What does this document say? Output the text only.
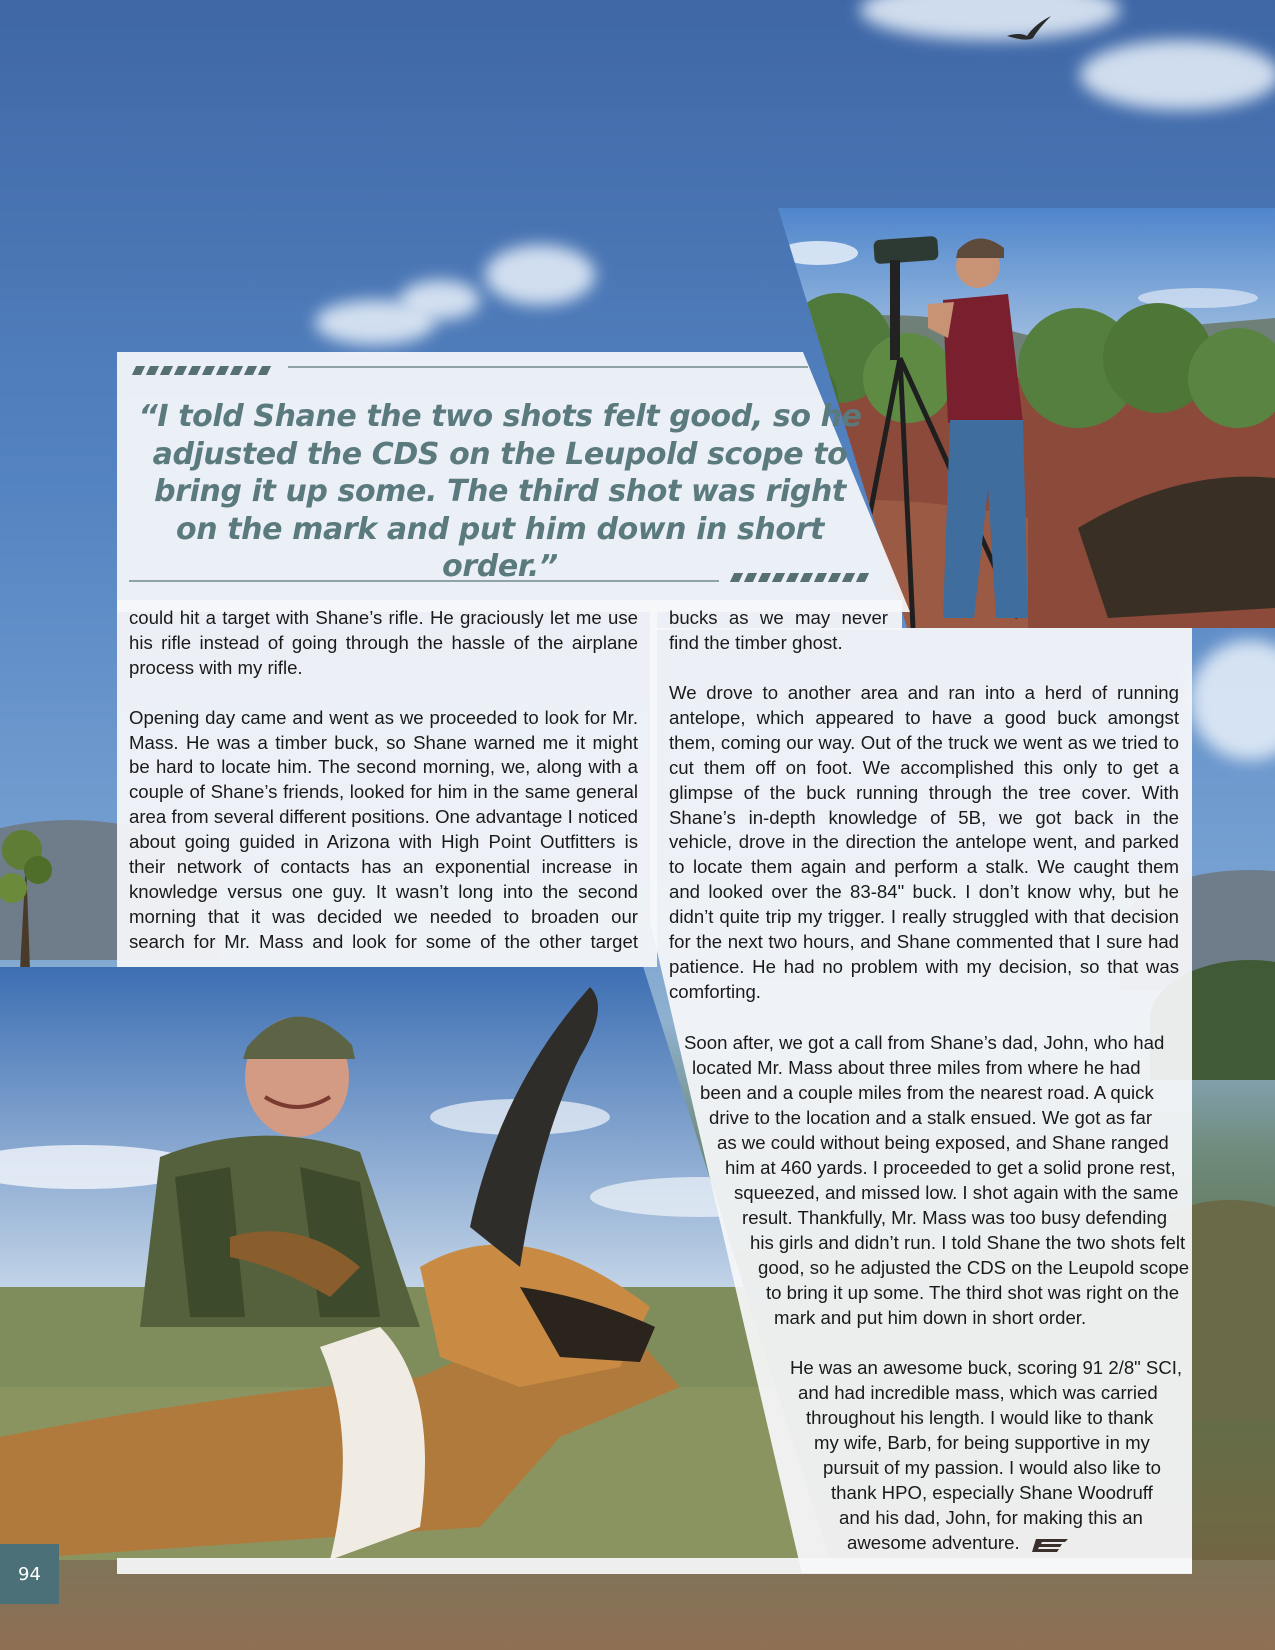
“I told Shane the two shots felt good, so he adjusted the CDS on the Leupold scope to bring it up some. The third shot was right on the mark and put him down in short order.”

could hit a target with Shane’s rifle. He graciously let me use his rifle instead of going through the hassle of the airplane process with my rifle.

Opening day came and went as we proceeded to look for Mr. Mass. He was a timber buck, so Shane warned me it might be hard to locate him. The second morning, we, along with a couple of Shane’s friends, looked for him in the same general area from several different positions. One advantage I noticed about going guided in Arizona with High Point Outfitters is their network of contacts has an exponential increase in knowledge versus one guy. It wasn’t long into the second morning that it was decided we needed to broaden our search for Mr. Mass and look for some of the other target

bucks as we may never find the timber ghost.

We drove to another area and ran into a herd of running antelope, which appeared to have a good buck amongst them, coming our way. Out of the truck we went as we tried to cut them off on foot. We accomplished this only to get a glimpse of the buck running through the tree cover. With Shane’s in-depth knowledge of 5B, we got back in the vehicle, drove in the direction the antelope went, and parked to locate them again and perform a stalk. We caught them and looked over the 83-84" buck. I don’t know why, but he didn’t quite trip my trigger. I really struggled with that decision for the next two hours, and Shane commented that I sure had patience. He had no problem with my decision, so that was comforting.

Soon after, we got a call from Shane’s dad, John, who had

located Mr. Mass about three miles from where he had

been and a couple miles from the nearest road. A quick

drive to the location and a stalk ensued. We got as far

as we could without being exposed, and Shane ranged

him at 460 yards. I proceeded to get a solid prone rest,

squeezed, and missed low. I shot again with the same

result. Thankfully, Mr. Mass was too busy defending

his girls and didn’t run. I told Shane the two shots felt

good, so he adjusted the CDS on the Leupold scope

to bring it up some. The third shot was right on the

mark and put him down in short order.

He was an awesome buck, scoring 91 2/8" SCI,

and had incredible mass, which was carried

throughout his length. I would like to thank

my wife, Barb, for being supportive in my

pursuit of my passion. I would also like to

thank HPO, especially Shane Woodruff

and his dad, John, for making this an

awesome adventure.

94
